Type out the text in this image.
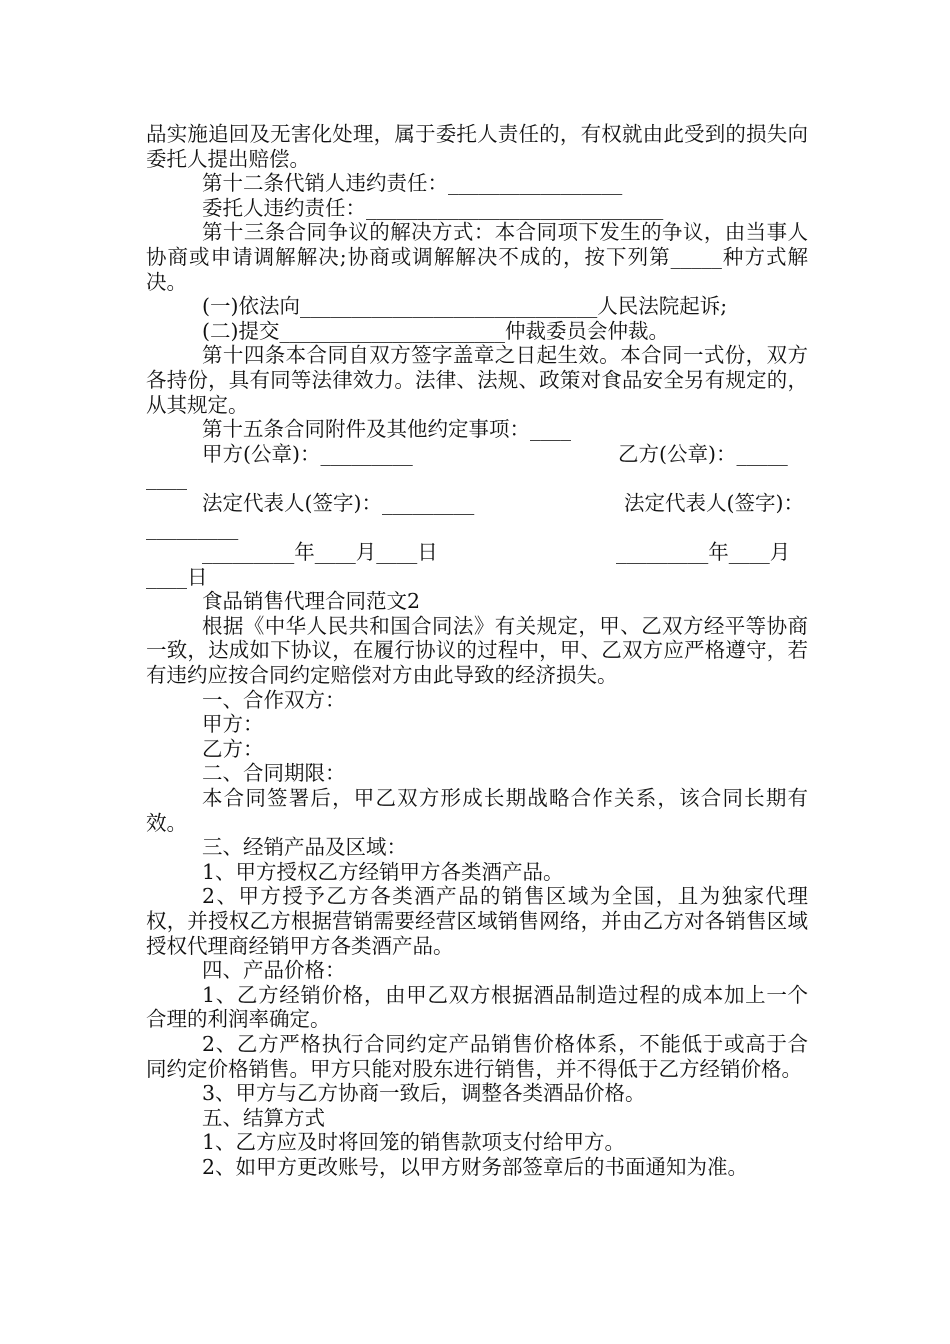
品实施追回及无害化处理，属于委托人责任的，有权就由此受到的损失向委托人提出赔偿。

第十二条代销人违约责任：_________________

委托人违约责任：_____________________________

第十三条合同争议的解决方式：本合同项下发生的争议，由当事人协商或申请调解解决;协商或调解解决不成的，按下列第_____种方式解决。

(一)依法向_____________________________人民法院起诉;

(二)提交______________________仲裁委员会仲裁。

第十四条本合同自双方签字盖章之日起生效。本合同一式份，双方各持份，具有同等法律效力。法律、法规、政策对食品安全另有规定的，从其规定。

第十五条合同附件及其他约定事项：____

甲方(公章)：_________	乙方(公章)：_____
____
法定代表人(签字)：_________	法定代表人(签字)：
_________
_________年____月____日	_________年____月
____日

食品销售代理合同范文2

根据《中华人民共和国合同法》有关规定，甲、乙双方经平等协商一致，达成如下协议，在履行协议的过程中，甲、乙双方应严格遵守，若有违约应按合同约定赔偿对方由此导致的经济损失。

一、合作双方：

甲方：

乙方：

二、合同期限：

本合同签署后，甲乙双方形成长期战略合作关系，该合同长期有效。

三、经销产品及区域：

1、甲方授权乙方经销甲方各类酒产品。

2、甲方授予乙方各类酒产品的销售区域为全国，且为独家代理权，并授权乙方根据营销需要经营区域销售网络，并由乙方对各销售区域授权代理商经销甲方各类酒产品。

四、产品价格：

1、乙方经销价格，由甲乙双方根据酒品制造过程的成本加上一个合理的利润率确定。

2、乙方严格执行合同约定产品销售价格体系，不能低于或高于合同约定价格销售。甲方只能对股东进行销售，并不得低于乙方经销价格。

3、甲方与乙方协商一致后，调整各类酒品价格。

五、结算方式

1、乙方应及时将回笼的销售款项支付给甲方。

2、如甲方更改账号，以甲方财务部签章后的书面通知为准。
